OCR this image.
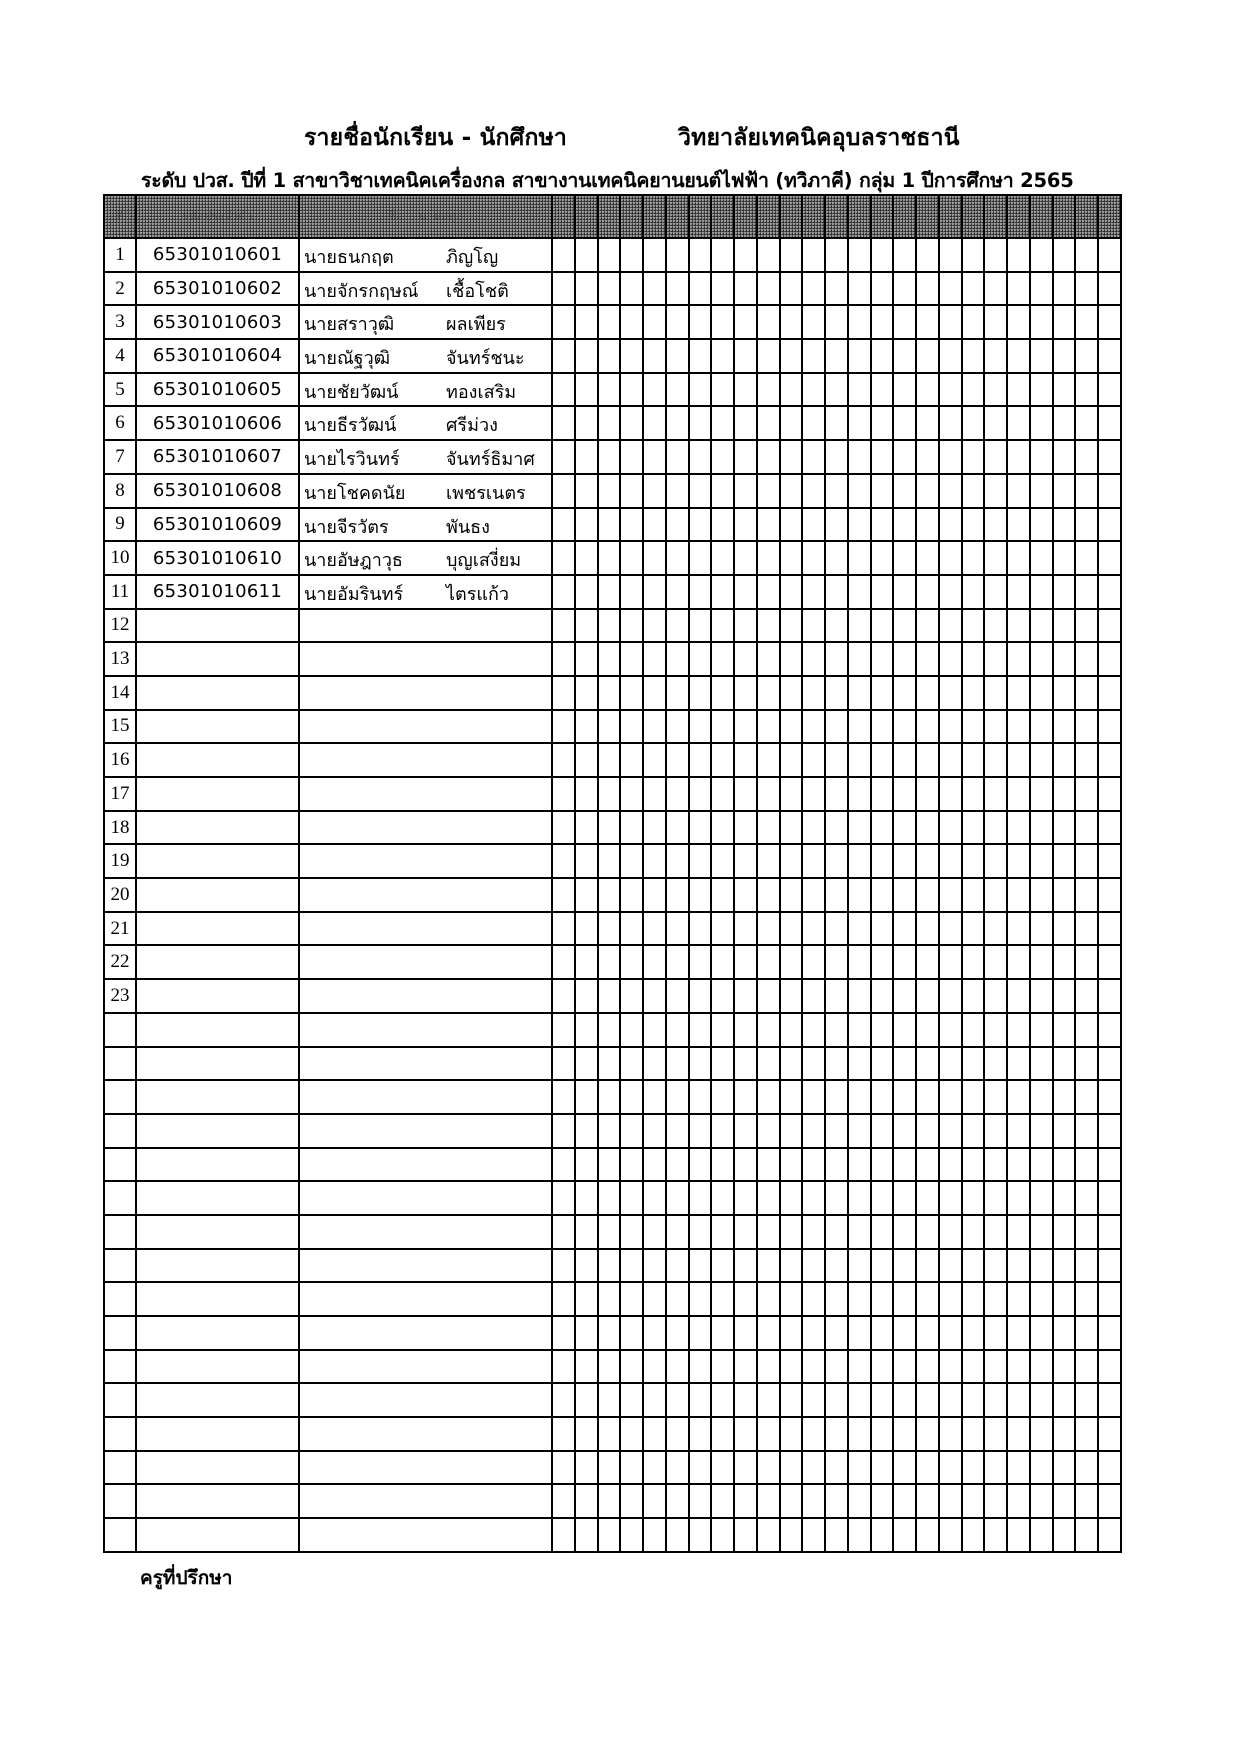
รายชื่อนักเรียน - นักศึกษา	วิทยาลัยเทคนิคอุบลราชธานี
ระดับ ปวส. ปีที่ 1 สาขาวิชาเทคนิคเครื่องกล สาขางานเทคนิคยานยนต์ไฟฟ้า (ทวิภาคี) กลุ่ม 1 ปีการศึกษา 2565
ที่	รหัสประจำตัว	ชื่อ นามสกุล																									
1	65301010601	นายธนกฤต ภิญโญ																									

2	65301010602	นายจักรกฤษณ์ เชื้อโชติ																									

3	65301010603	นายสราวุฒิ ผลเพียร																									

4	65301010604	นายณัฐวุฒิ จันทร์ชนะ																									

5	65301010605	นายชัยวัฒน์ ทองเสริม																									

6	65301010606	นายธีรวัฒน์ ศรีม่วง																									

7	65301010607	นายไรวินทร์ จันทร์ธิมาศ																									

8	65301010608	นายโชคดนัย เพชรเนตร																									

9	65301010609	นายจีรวัตร พันธง																									

10	65301010610	นายอัษฎาวุธ บุญเสงี่ยม																									

11	65301010611	นายอัมรินทร์ ไตรแก้ว																									

12		

13		

14		

15		

16		

17		

18		

19		

20		

21		

22		

23		

ครูที่ปรึกษา
